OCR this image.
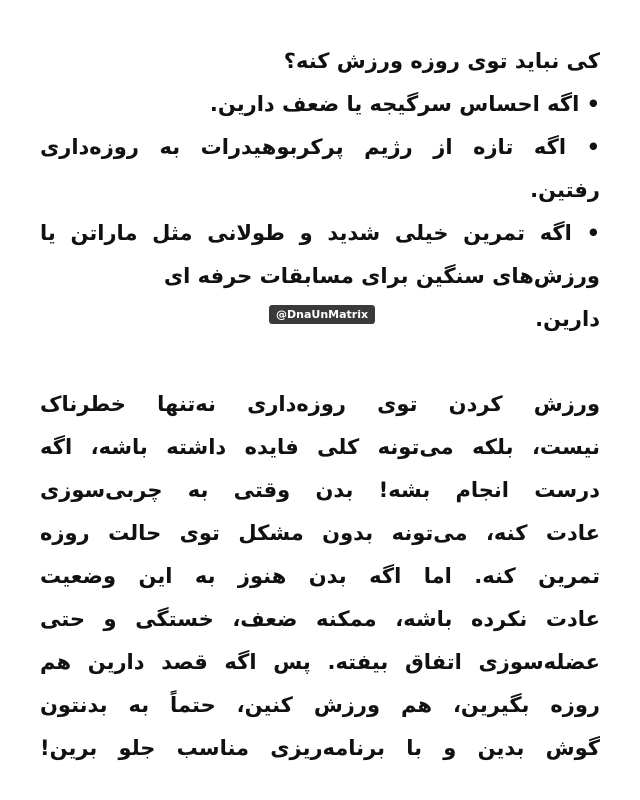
کی نباید توی روزه ورزش کنه؟
• اگه احساس سرگیجه یا ضعف دارین.
• اگه تازه از رژیم پرکربوهیدرات به روزه‌داری
رفتین.
• اگه تمرین خیلی شدید و طولانی مثل ماراتن یا
ورزش‌های سنگین برای مسابقات حرفه ای
دارین.
ورزش کردن توی روزه‌داری نه‌تنها خطرناک
نیست، بلکه می‌تونه کلی فایده داشته باشه، اگه
درست انجام بشه! بدن وقتی به چربی‌سوزی
عادت کنه، می‌تونه بدون مشکل توی حالت روزه
تمرین کنه. اما اگه بدن هنوز به این وضعیت
عادت نکرده باشه، ممکنه ضعف، خستگی و حتی
عضله‌سوزی اتفاق بیفته. پس اگه قصد دارین هم
روزه بگیرین، هم ورزش کنین، حتماً به بدنتون
گوش بدین و با برنامه‌ریزی مناسب جلو برین!
@DnaUnMatrix
